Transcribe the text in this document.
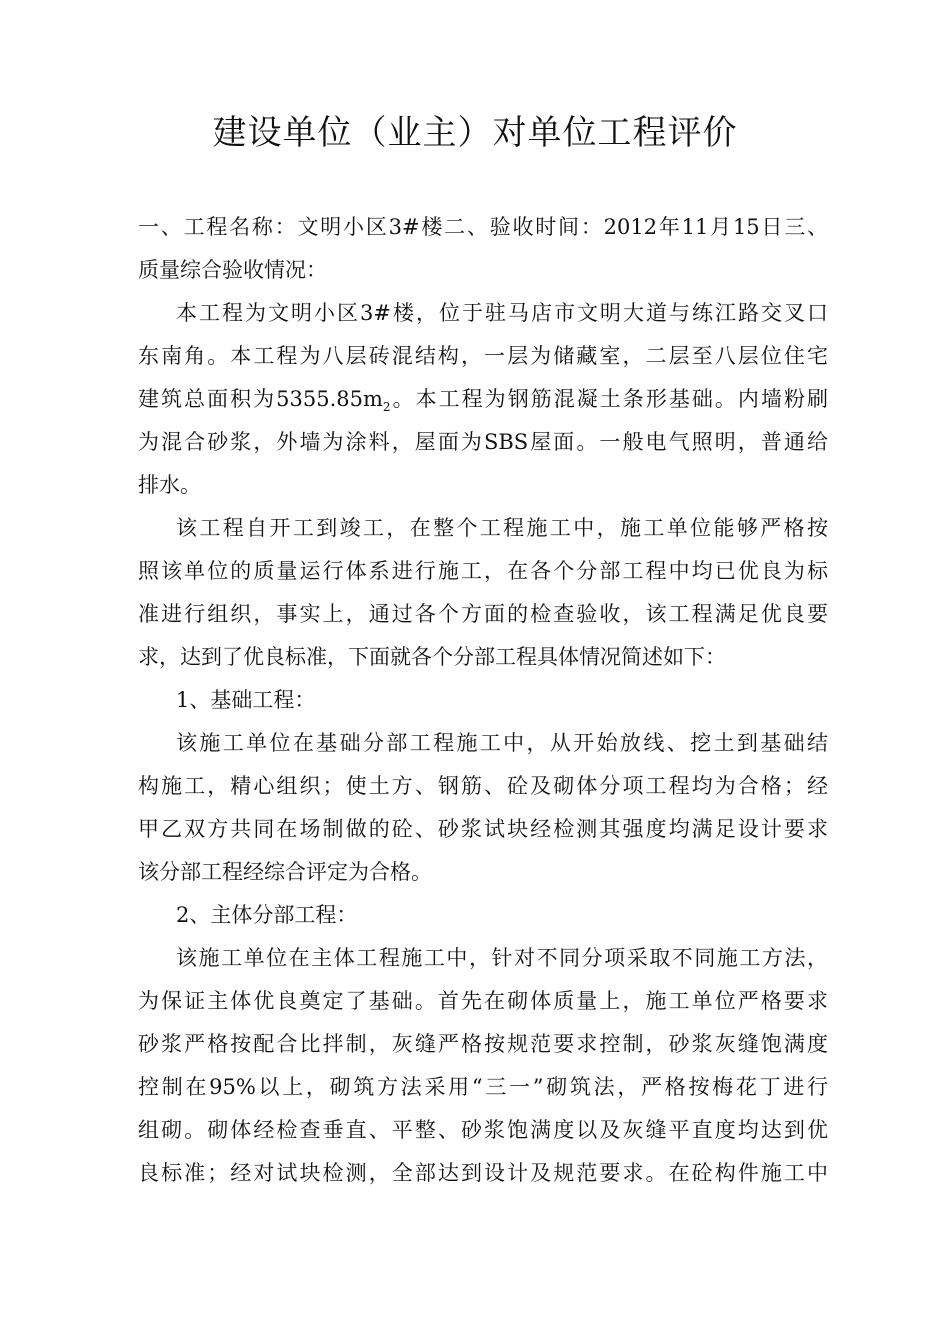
建设单位（业主）对单位工程评价
一、工程名称：文明小区3#楼二、验收时间：2012年11月15日三、
质量综合验收情况：
本工程为文明小区3#楼，位于驻马店市文明大道与练江路交叉口
东南角。本工程为八层砖混结构，一层为储藏室，二层至八层位住宅
建筑总面积为$5355.85m_2$。本工程为钢筋混凝土条形基础。内墙粉刷
为混合砂浆，外墙为涂料，屋面为SBS屋面。一般电气照明，普通给
排水。
该工程自开工到竣工，在整个工程施工中，施工单位能够严格按
照该单位的质量运行体系进行施工，在各个分部工程中均已优良为标
准进行组织，事实上，通过各个方面的检查验收，该工程满足优良要
求，达到了优良标准，下面就各个分部工程具体情况简述如下：
1、基础工程：
该施工单位在基础分部工程施工中，从开始放线、挖土到基础结
构施工，精心组织；使土方、钢筋、砼及砌体分项工程均为合格；经
甲乙双方共同在场制做的砼、砂浆试块经检测其强度均满足设计要求
该分部工程经综合评定为合格。
2、主体分部工程：
该施工单位在主体工程施工中，针对不同分项采取不同施工方法，
为保证主体优良奠定了基础。首先在砌体质量上，施工单位严格要求
砂浆严格按配合比拌制，灰缝严格按规范要求控制，砂浆灰缝饱满度
控制在95%以上，砌筑方法采用“三一”砌筑法，严格按梅花丁进行
组砌。砌体经检查垂直、平整、砂浆饱满度以及灰缝平直度均达到优
良标准；经对试块检测，全部达到设计及规范要求。在砼构件施工中
